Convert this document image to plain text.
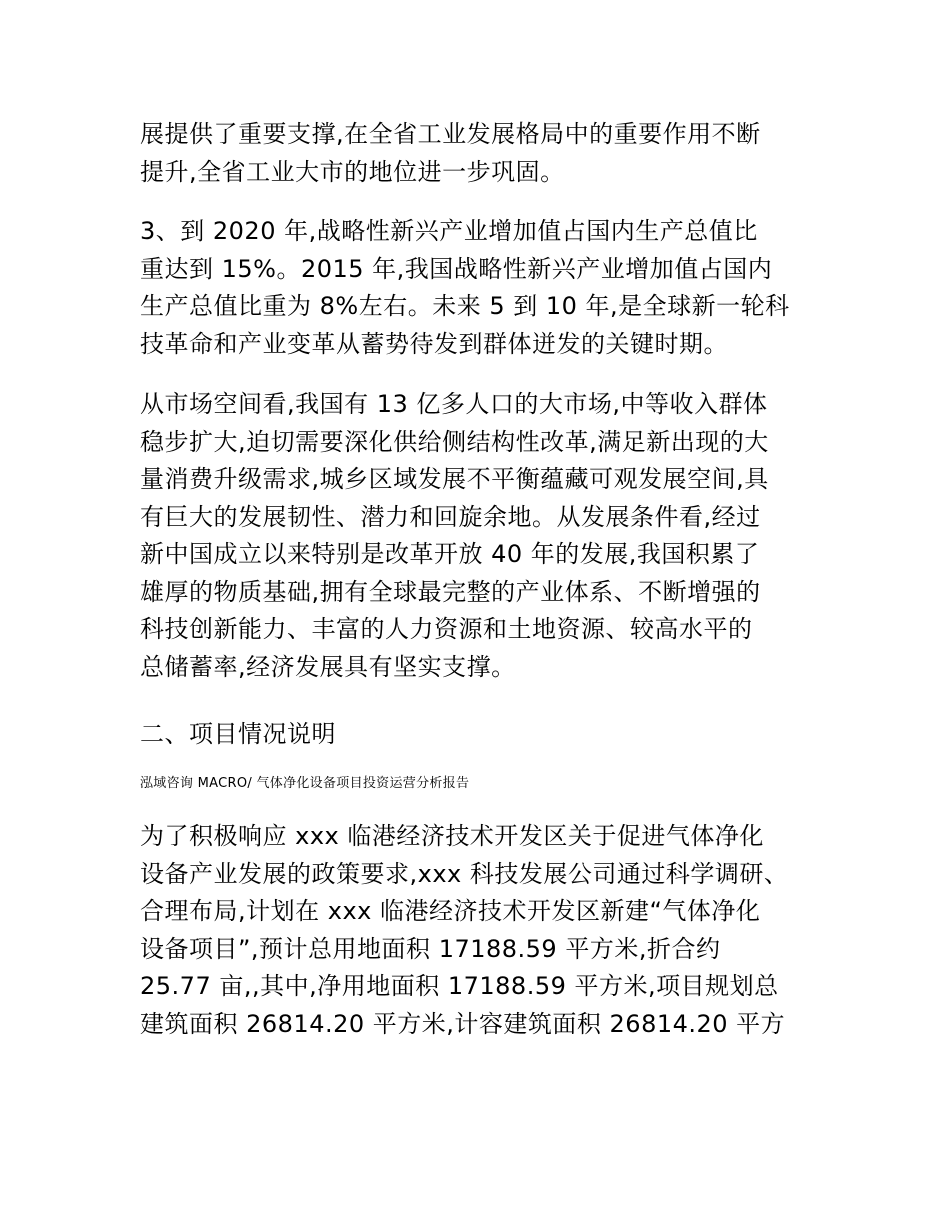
展提供了重要支撑,在全省工业发展格局中的重要作用不断
提升,全省工业大市的地位进一步巩固。
3、到 2020 年,战略性新兴产业增加值占国内生产总值比
重达到 15%。2015 年,我国战略性新兴产业增加值占国内
生产总值比重为 8%左右。未来 5 到 10 年,是全球新一轮科
技革命和产业变革从蓄势待发到群体迸发的关键时期。
从市场空间看,我国有 13 亿多人口的大市场,中等收入群体
稳步扩大,迫切需要深化供给侧结构性改革,满足新出现的大
量消费升级需求,城乡区域发展不平衡蕴藏可观发展空间,具
有巨大的发展韧性、潜力和回旋余地。从发展条件看,经过
新中国成立以来特别是改革开放 40 年的发展,我国积累了
雄厚的物质基础,拥有全球最完整的产业体系、不断增强的
科技创新能力、丰富的人力资源和土地资源、较高水平的
总储蓄率,经济发展具有坚实支撑。
二、项目情况说明
泓域咨询 MACRO/ 气体净化设备项目投资运营分析报告
为了积极响应 xxx 临港经济技术开发区关于促进气体净化
设备产业发展的政策要求,xxx 科技发展公司通过科学调研、
合理布局,计划在 xxx 临港经济技术开发区新建“气体净化
设备项目”,预计总用地面积 17188.59 平方米,折合约
25.77 亩,,其中,净用地面积 17188.59 平方米,项目规划总
建筑面积 26814.20 平方米,计容建筑面积 26814.20 平方
